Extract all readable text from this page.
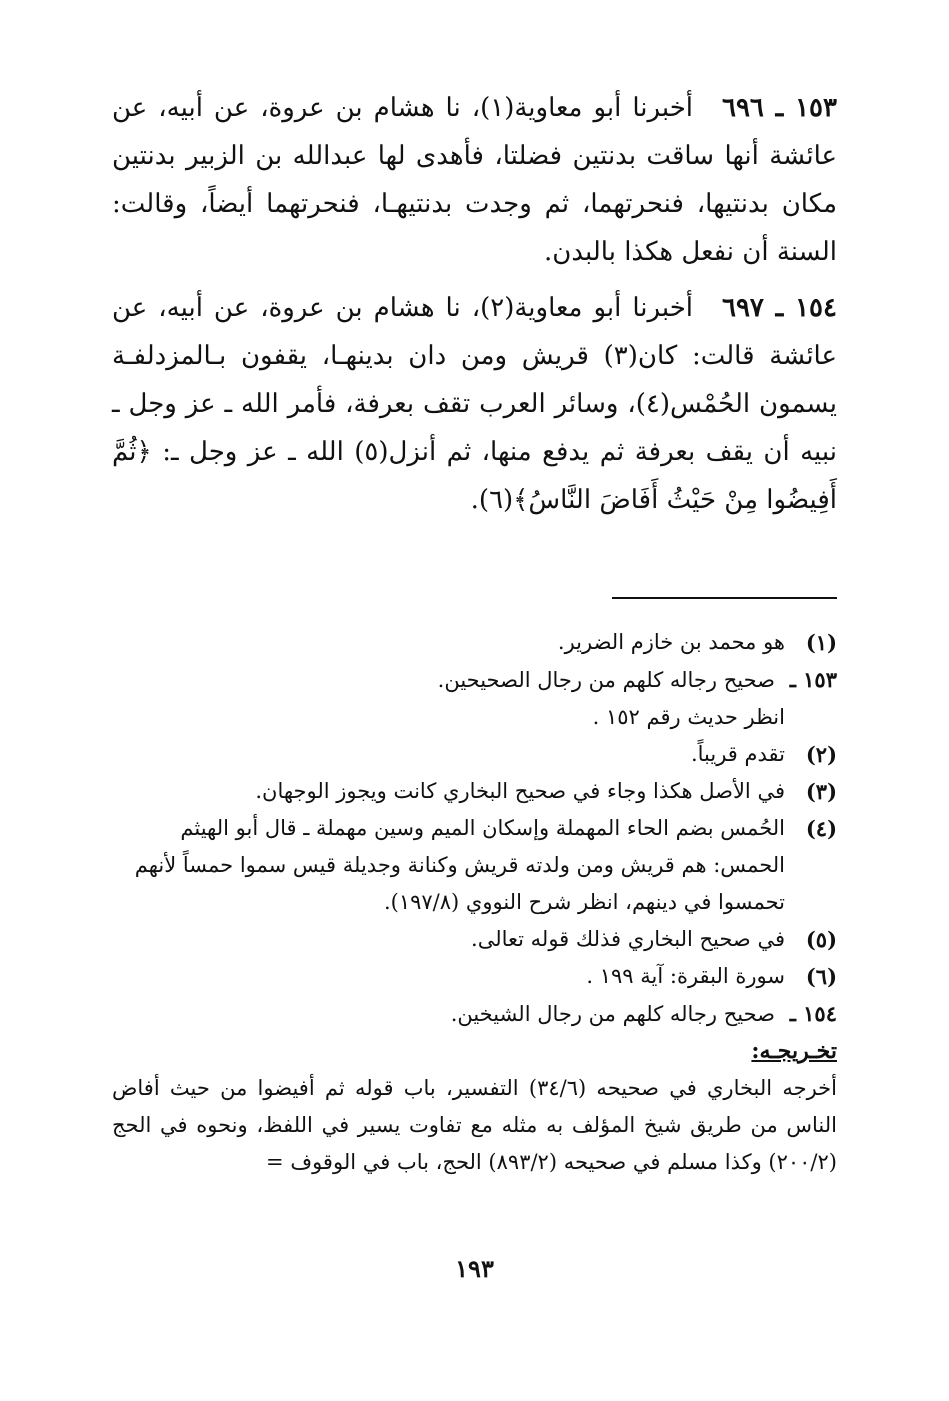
١٥٣ ـ ٦٩٦ أخبرنا أبو معاوية(١)، نا هشام بن عروة، عن أبيه، عن عائشة أنها ساقت بدنتين فضلتا، فأهدى لها عبدالله بن الزبير بدنتين مكان بدنتيها، فنحرتهما، ثم وجدت بدنتيهـا، فنحرتهما أيضاً، وقالت: السنة أن نفعل هكذا بالبدن.
١٥٤ ـ ٦٩٧ أخبرنا أبو معاوية(٢)، نا هشام بن عروة، عن أبيه، عن عائشة قالت: كان(٣) قريش ومن دان بدينهـا، يقفون بـالمزدلفـة يسمون الحُمْس(٤)، وسائر العرب تقف بعرفة، فأمر الله ـ عز وجل ـ نبيه أن يقف بعرفة ثم يدفع منها، ثم أنزل(٥) الله ـ عز وجل ـ: ﴿ثُمَّ أَفِيضُوا مِنْ حَيْثُ أَفَاضَ النَّاسُ﴾(٦).
(١)
هو محمد بن خازم الضرير.
١٥٣ ـ صحيح رجاله كلهم من رجال الصحيحين.
انظر حديث رقم ١٥٢ .
(٢)
تقدم قريباً.
(٣)
في الأصل هكذا وجاء في صحيح البخاري كانت ويجوز الوجهان.
(٤)
الحُمس بضم الحاء المهملة وإسكان الميم وسين مهملة ـ قال أبو الهيثم الحمس: هم قريش ومن ولدته قريش وكنانة وجديلة قيس سموا حمساً لأنهم تحمسوا في دينهم، انظر شرح النووي (١٩٧/٨).
(٥)
في صحيح البخاري فذلك قوله تعالى.
(٦)
سورة البقرة: آية ١٩٩ .
١٥٤ ـ صحيح رجاله كلهم من رجال الشيخين.
تخـريجـه:
أخرجه البخاري في صحيحه (٣٤/٦) التفسير، باب قوله ثم أفيضوا من حيث أفاض الناس من طريق شيخ المؤلف به مثله مع تفاوت يسير في اللفظ، ونحوه في الحج (٢٠٠/٢) وكذا مسلم في صحيحه (٨٩٣/٢) الحج، باب في الوقوف =
١٩٣
